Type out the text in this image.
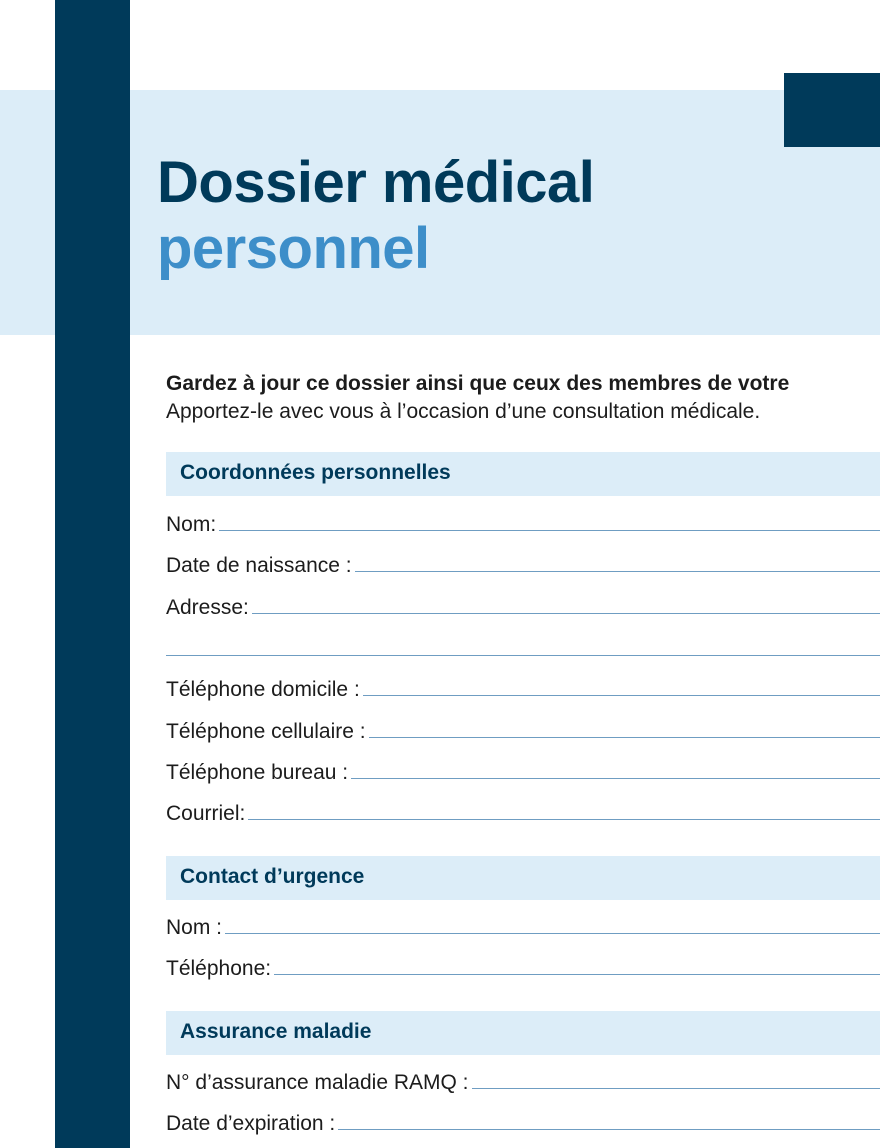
Dossier médical
personnel
Gardez à jour ce dossier ainsi que ceux des membres de votre
Apportez-le avec vous à l’occasion d’une consultation médicale.
Coordonnées personnelles
Nom:
Date de naissance :
Adresse:
Téléphone domicile :
Téléphone cellulaire :
Téléphone bureau :
Courriel:
Contact d’urgence
Nom :
Téléphone:
Assurance maladie
N° d’assurance maladie RAMQ :
Date d’expiration :
